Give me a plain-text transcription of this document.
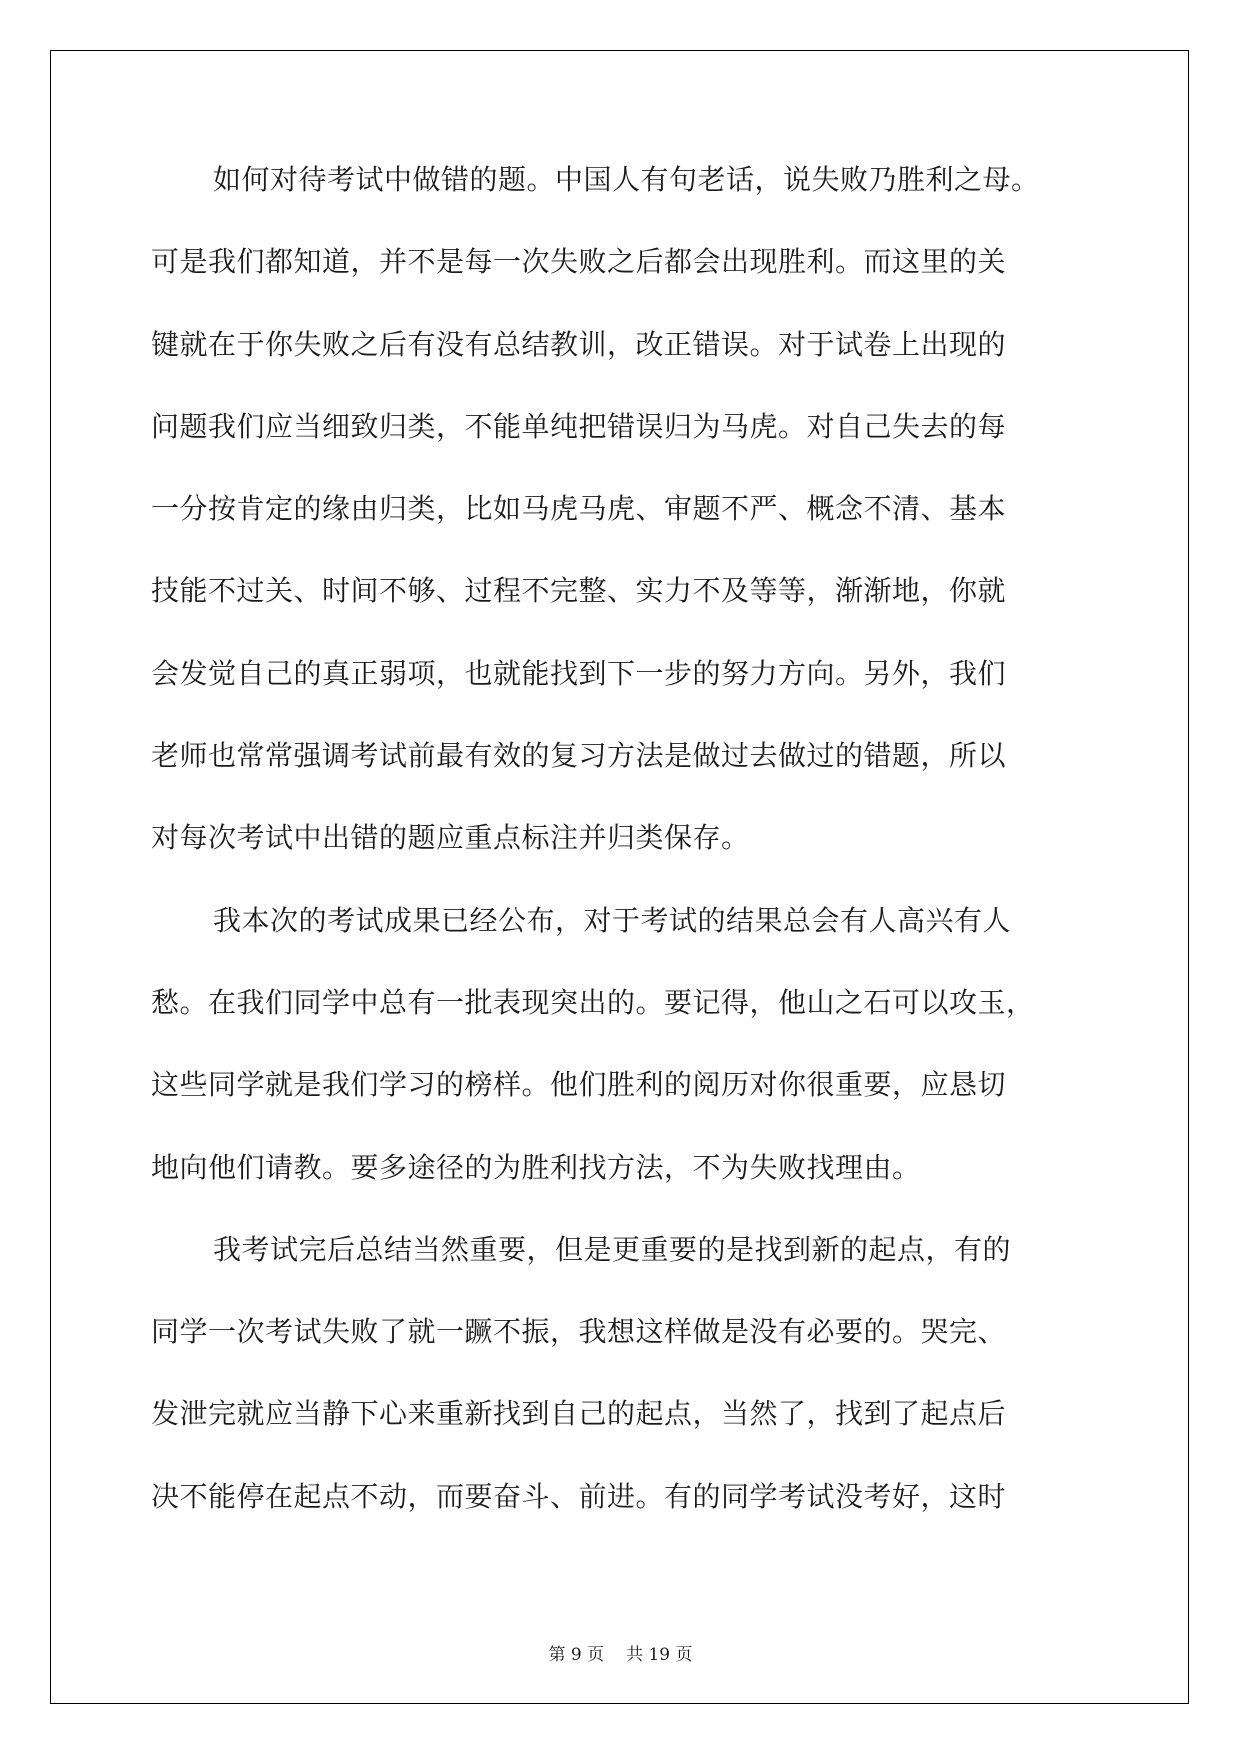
如何对待考试中做错的题。中国人有句老话，说失败乃胜利之母。
可是我们都知道，并不是每一次失败之后都会出现胜利。而这里的关
键就在于你失败之后有没有总结教训，改正错误。对于试卷上出现的
问题我们应当细致归类，不能单纯把错误归为马虎。对自己失去的每
一分按肯定的缘由归类，比如马虎马虎、审题不严、概念不清、基本
技能不过关、时间不够、过程不完整、实力不及等等，渐渐地，你就
会发觉自己的真正弱项，也就能找到下一步的努力方向。另外，我们
老师也常常强调考试前最有效的复习方法是做过去做过的错题，所以
对每次考试中出错的题应重点标注并归类保存。
我本次的考试成果已经公布，对于考试的结果总会有人高兴有人
愁。在我们同学中总有一批表现突出的。要记得，他山之石可以攻玉，
这些同学就是我们学习的榜样。他们胜利的阅历对你很重要，应恳切
地向他们请教。要多途径的为胜利找方法，不为失败找理由。
我考试完后总结当然重要，但是更重要的是找到新的起点，有的
同学一次考试失败了就一蹶不振，我想这样做是没有必要的。哭完、
发泄完就应当静下心来重新找到自己的起点，当然了，找到了起点后
决不能停在起点不动，而要奋斗、前进。有的同学考试没考好，这时
第 9 页 共 19 页
